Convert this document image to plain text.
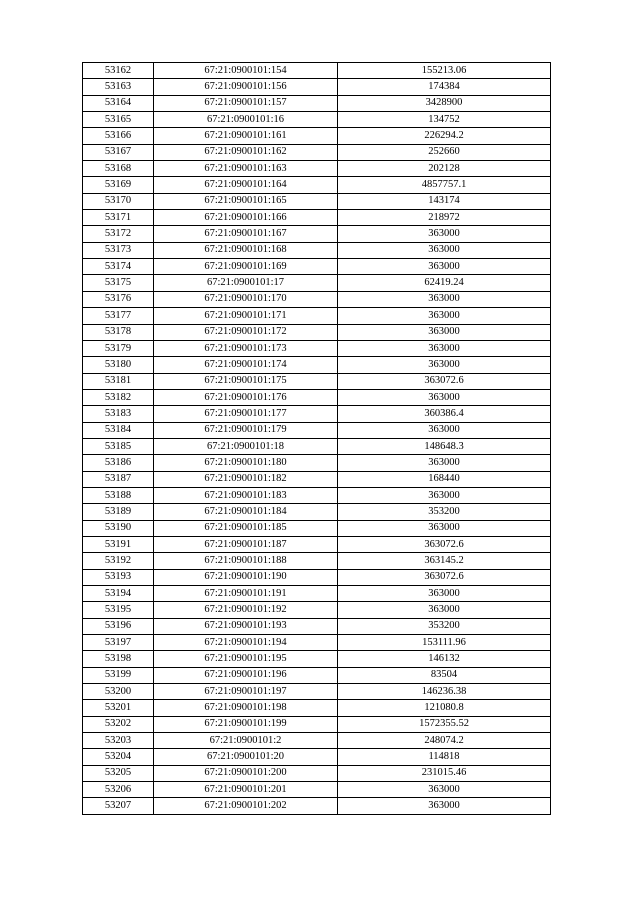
53162	67:21:0900101:154	155213.06
53163	67:21:0900101:156	174384
53164	67:21:0900101:157	3428900
53165	67:21:0900101:16	134752
53166	67:21:0900101:161	226294.2
53167	67:21:0900101:162	252660
53168	67:21:0900101:163	202128
53169	67:21:0900101:164	4857757.1
53170	67:21:0900101:165	143174
53171	67:21:0900101:166	218972
53172	67:21:0900101:167	363000
53173	67:21:0900101:168	363000
53174	67:21:0900101:169	363000
53175	67:21:0900101:17	62419.24
53176	67:21:0900101:170	363000
53177	67:21:0900101:171	363000
53178	67:21:0900101:172	363000
53179	67:21:0900101:173	363000
53180	67:21:0900101:174	363000
53181	67:21:0900101:175	363072.6
53182	67:21:0900101:176	363000
53183	67:21:0900101:177	360386.4
53184	67:21:0900101:179	363000
53185	67:21:0900101:18	148648.3
53186	67:21:0900101:180	363000
53187	67:21:0900101:182	168440
53188	67:21:0900101:183	363000
53189	67:21:0900101:184	353200
53190	67:21:0900101:185	363000
53191	67:21:0900101:187	363072.6
53192	67:21:0900101:188	363145.2
53193	67:21:0900101:190	363072.6
53194	67:21:0900101:191	363000
53195	67:21:0900101:192	363000
53196	67:21:0900101:193	353200
53197	67:21:0900101:194	153111.96
53198	67:21:0900101:195	146132
53199	67:21:0900101:196	83504
53200	67:21:0900101:197	146236.38
53201	67:21:0900101:198	121080.8
53202	67:21:0900101:199	1572355.52
53203	67:21:0900101:2	248074.2
53204	67:21:0900101:20	114818
53205	67:21:0900101:200	231015.46
53206	67:21:0900101:201	363000
53207	67:21:0900101:202	363000
